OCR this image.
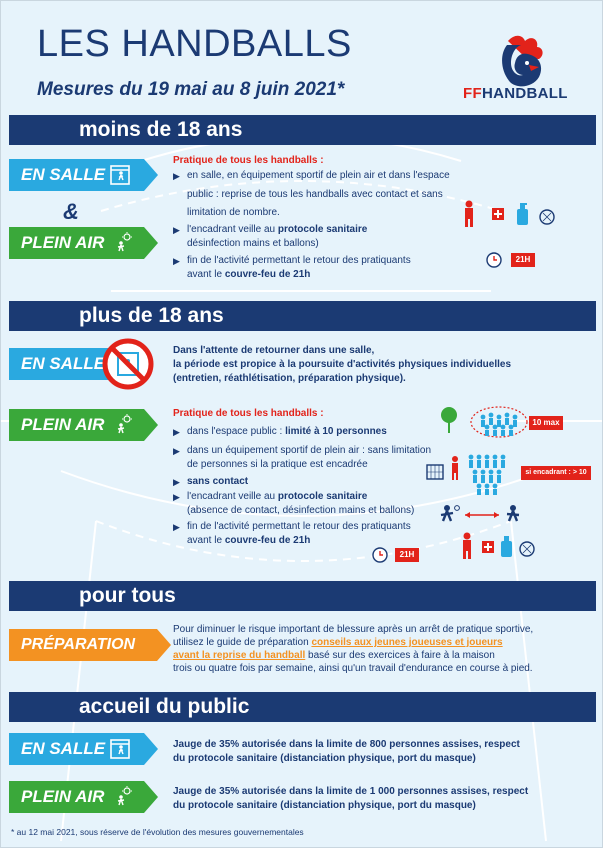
LES HANDBALLS
Mesures du 19 mai au 8 juin 2021*	FFHANDBALL
moins de 18 ans
EN SALLE
&
PLEIN AIR
Pratique de tous les handballs :
▶ en salle, en équipement sportif de plein air et dans l'espace
public : reprise de tous les handballs avec contact et sans
limitation de nombre.
▶ l'encadrant veille au protocole sanitaire
désinfection mains et ballons)
▶ fin de l'activité permettant le retour des pratiquants
avant le couvre-feu de 21h
21H
plus de 18 ans
EN SALLE
Dans l'attente de retourner dans une salle,
la période est propice à la poursuite d'activités physiques individuelles
(entretien, réathlétisation, préparation physique).
PLEIN AIR
Pratique de tous les handballs :
▶ dans l'espace public : limité à 10 personnes
▶ dans un équipement sportif de plein air : sans limitation
de personnes si la pratique est encadrée
▶ sans contact
▶ l'encadrant veille au protocole sanitaire
(absence de contact, désinfection mains et ballons)
▶ fin de l'activité permettant le retour des pratiquants
avant le couvre-feu de 21h
10 max
si encadrant : > 10
21H
pour tous
PRÉPARATION
Pour diminuer le risque important de blessure après un arrêt de pratique sportive,
utilisez le guide de préparation conseils aux jeunes joueuses et joueurs
avant la reprise du handball basé sur des exercices à faire à la maison
trois ou quatre fois par semaine, ainsi qu'un travail d'endurance en course à pied.
accueil du public
EN SALLE	Jauge de 35% autorisée dans la limite de 800 personnes assises, respect
du protocole sanitaire (distanciation physique, port du masque)
PLEIN AIR	Jauge de 35% autorisée dans la limite de 1 000 personnes assises, respect
du protocole sanitaire (distanciation physique, port du masque)
* au 12 mai 2021, sous réserve de l'évolution des mesures gouvernementales
